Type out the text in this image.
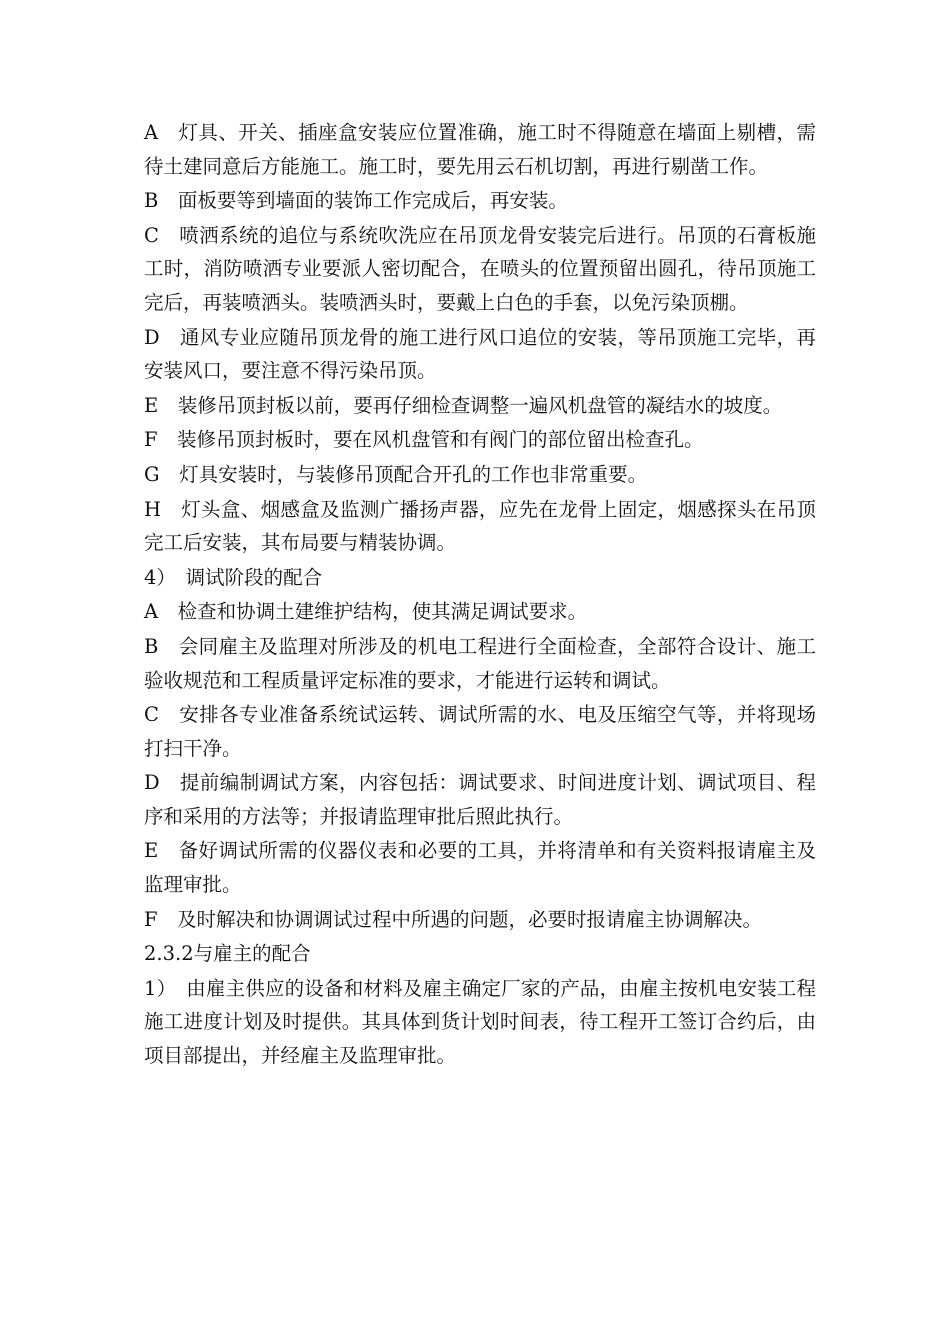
A　灯具、开关、插座盒安装应位置准确，施工时不得随意在墙面上剔槽，需待土建同意后方能施工。施工时，要先用云石机切割，再进行剔凿工作。

B　面板要等到墙面的装饰工作完成后，再安装。

C　喷洒系统的追位与系统吹洗应在吊顶龙骨安装完后进行。吊顶的石膏板施工时，消防喷洒专业要派人密切配合，在喷头的位置预留出圆孔，待吊顶施工完后，再装喷洒头。装喷洒头时，要戴上白色的手套，以免污染顶棚。

D　通风专业应随吊顶龙骨的施工进行风口追位的安装，等吊顶施工完毕，再安装风口，要注意不得污染吊顶。

E　装修吊顶封板以前，要再仔细检查调整一遍风机盘管的凝结水的坡度。

F　装修吊顶封板时，要在风机盘管和有阀门的部位留出检查孔。

G　灯具安装时，与装修吊顶配合开孔的工作也非常重要。

H　灯头盒、烟感盒及监测广播扬声器，应先在龙骨上固定，烟感探头在吊顶完工后安装，其布局要与精装协调。

4）　调试阶段的配合

A　检查和协调土建维护结构，使其满足调试要求。

B　会同雇主及监理对所涉及的机电工程进行全面检查，全部符合设计、施工验收规范和工程质量评定标准的要求，才能进行运转和调试。

C　安排各专业准备系统试运转、调试所需的水、电及压缩空气等，并将现场打扫干净。

D　提前编制调试方案，内容包括：调试要求、时间进度计划、调试项目、程序和采用的方法等；并报请监理审批后照此执行。

E　备好调试所需的仪器仪表和必要的工具，并将清单和有关资料报请雇主及监理审批。

F　及时解决和协调调试过程中所遇的问题，必要时报请雇主协调解决。

2.3.2与雇主的配合

1）　由雇主供应的设备和材料及雇主确定厂家的产品，由雇主按机电安装工程施工进度计划及时提供。其具体到货计划时间表，待工程开工签订合约后，由项目部提出，并经雇主及监理审批。
